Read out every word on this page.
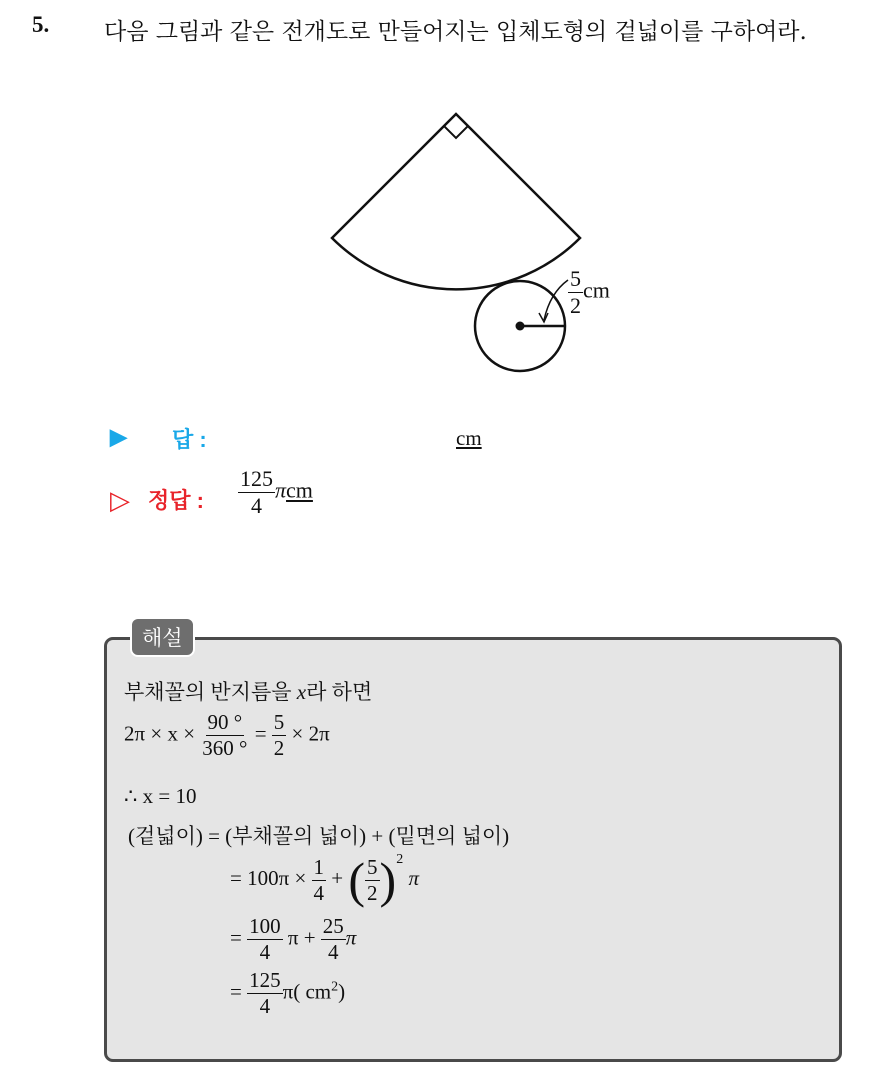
5. 다음 그림과 같은 전개도로 만들어지는 입체도형의 겉넓이를 구하여라.
$\frac{5}{2}$ cm
▶ 답 :	cm
▷ 정답 : $\frac{125}{4}$ πcm
해설
부채꼴의 반지름을 x라 하면
$2\pi \times x \times \frac{90 ^\circ}{360 ^\circ} = \frac{5}{2} \times 2\pi$
∴ x = 10
(겉넓이) = (부채꼴의 넓이) + (밑면의 넓이)
= $100\pi \times \frac{1}{4}$ + ( $\frac{5}{2} )^2$ π
= $\frac{100}{4}$ $\pi + \frac{25}{4}$ π
= $\frac{125}{4} \pi$( $cm^2$)
